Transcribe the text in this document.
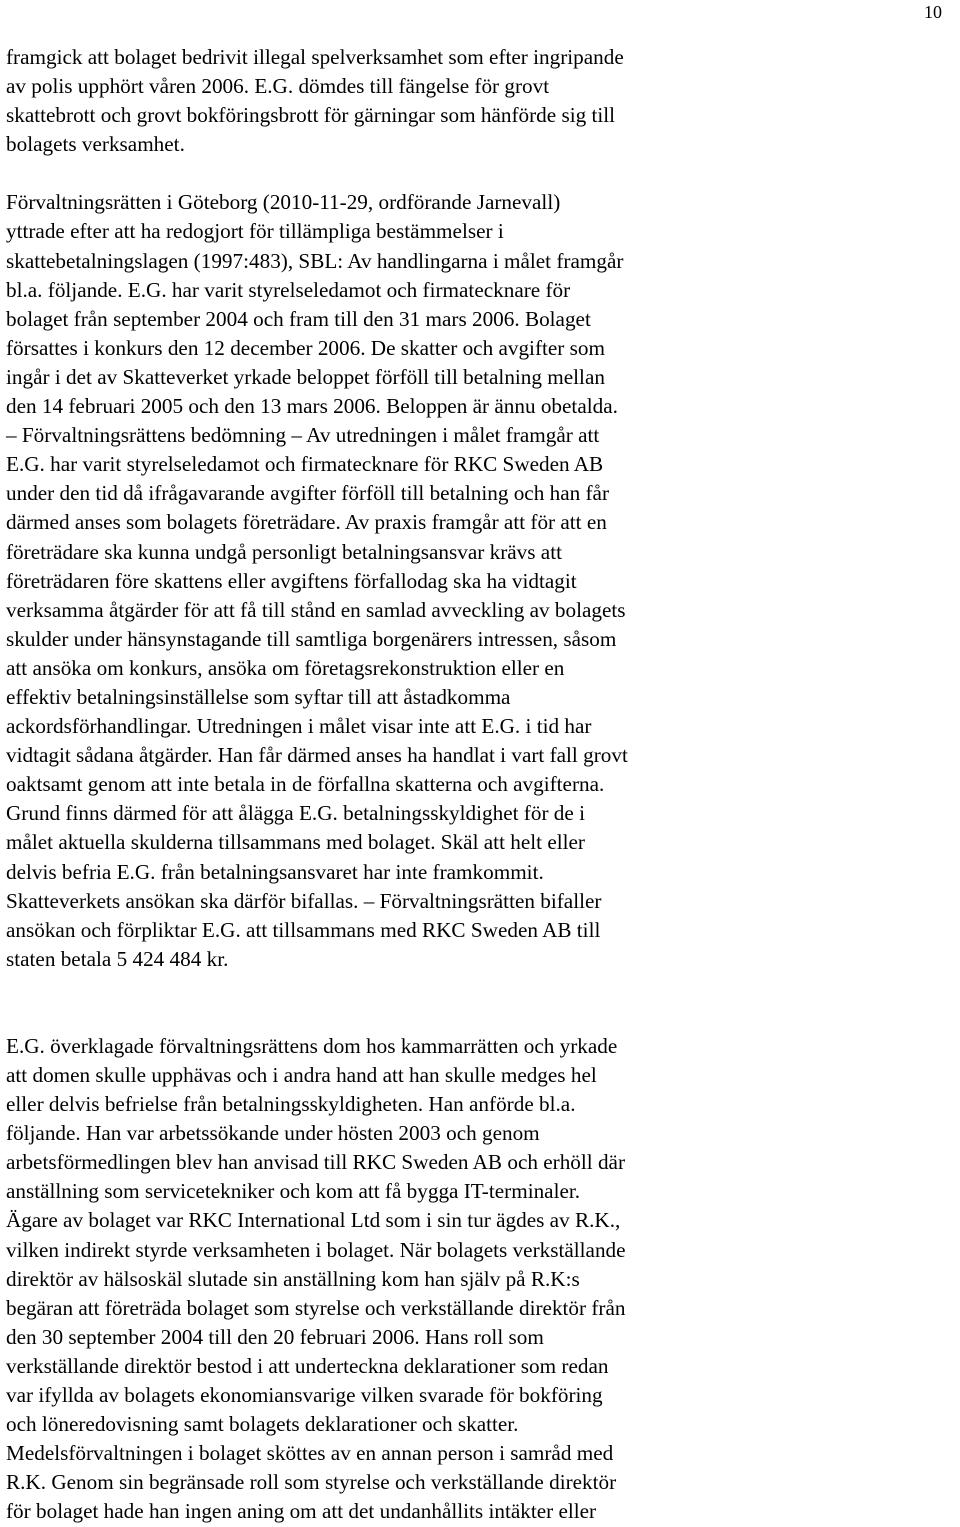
10

framgick att bolaget bedrivit illegal spelverksamhet som efter ingripande
av polis upphört våren 2006. E.G. dömdes till fängelse för grovt
skattebrott och grovt bokföringsbrott för gärningar som hänförde sig till
bolagets verksamhet.

Förvaltningsrätten i Göteborg (2010-11-29, ordförande Jarnevall)
yttrade efter att ha redogjort för tillämpliga bestämmelser i
skattebetalningslagen (1997:483), SBL: Av handlingarna i målet framgår
bl.a. följande. E.G. har varit styrelseledamot och firmatecknare för
bolaget från september 2004 och fram till den 31 mars 2006. Bolaget
försattes i konkurs den 12 december 2006. De skatter och avgifter som
ingår i det av Skatteverket yrkade beloppet förföll till betalning mellan
den 14 februari 2005 och den 13 mars 2006. Beloppen är ännu obetalda.
– Förvaltningsrättens bedömning – Av utredningen i målet framgår att
E.G. har varit styrelseledamot och firmatecknare för RKC Sweden AB
under den tid då ifrågavarande avgifter förföll till betalning och han får
därmed anses som bolagets företrädare. Av praxis framgår att för att en
företrädare ska kunna undgå personligt betalningsansvar krävs att
företrädaren före skattens eller avgiftens förfallodag ska ha vidtagit
verksamma åtgärder för att få till stånd en samlad avveckling av bolagets
skulder under hänsynstagande till samtliga borgenärers intressen, såsom
att ansöka om konkurs, ansöka om företagsrekonstruktion eller en
effektiv betalningsinställelse som syftar till att åstadkomma
ackordsförhandlingar. Utredningen i målet visar inte att E.G. i tid har
vidtagit sådana åtgärder. Han får därmed anses ha handlat i vart fall grovt
oaktsamt genom att inte betala in de förfallna skatterna och avgifterna.
Grund finns därmed för att ålägga E.G. betalningsskyldighet för de i
målet aktuella skulderna tillsammans med bolaget. Skäl att helt eller
delvis befria E.G. från betalningsansvaret har inte framkommit.
Skatteverkets ansökan ska därför bifallas. – Förvaltningsrätten bifaller
ansökan och förpliktar E.G. att tillsammans med RKC Sweden AB till
staten betala 5 424 484 kr.

E.G. överklagade förvaltningsrättens dom hos kammarrätten och yrkade
att domen skulle upphävas och i andra hand att han skulle medges hel
eller delvis befrielse från betalningsskyldigheten. Han anförde bl.a.
följande. Han var arbetssökande under hösten 2003 och genom
arbetsförmedlingen blev han anvisad till RKC Sweden AB och erhöll där
anställning som servicetekniker och kom att få bygga IT-terminaler.
Ägare av bolaget var RKC International Ltd som i sin tur ägdes av R.K.,
vilken indirekt styrde verksamheten i bolaget. När bolagets verkställande
direktör av hälsoskäl slutade sin anställning kom han själv på R.K:s
begäran att företräda bolaget som styrelse och verkställande direktör från
den 30 september 2004 till den 20 februari 2006. Hans roll som
verkställande direktör bestod i att underteckna deklarationer som redan
var ifyllda av bolagets ekonomiansvarige vilken svarade för bokföring
och löneredovisning samt bolagets deklarationer och skatter.
Medelsförvaltningen i bolaget sköttes av en annan person i samråd med
R.K. Genom sin begränsade roll som styrelse och verkställande direktör
för bolaget hade han ingen aning om att det undanhållits intäkter eller
